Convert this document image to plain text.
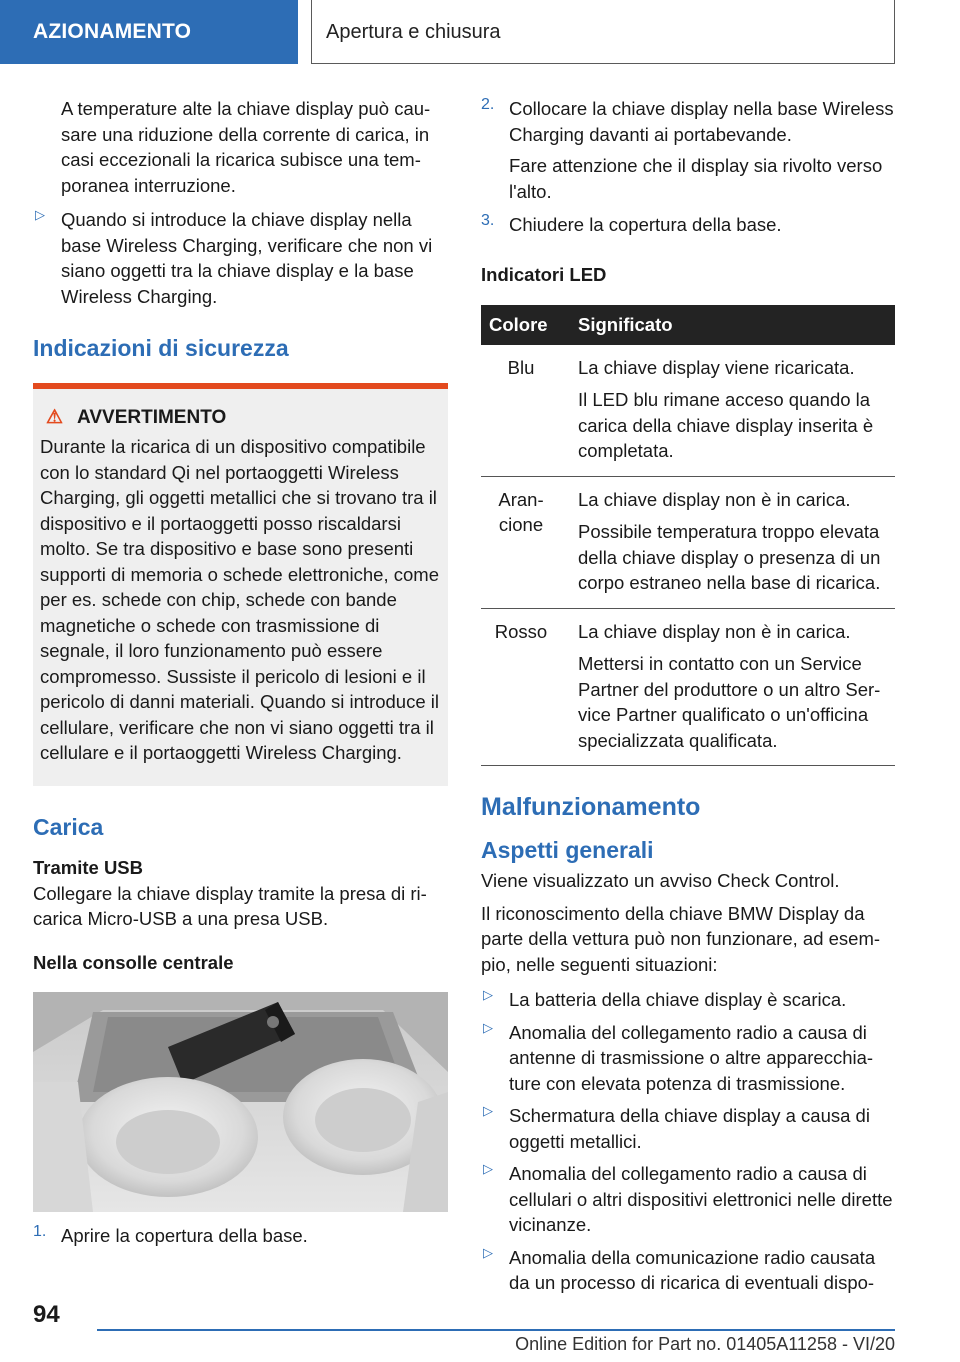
AZIONAMENTO	Apertura e chiusura

A temperature alte la chiave display può causare una riduzione della corrente di carica, in casi eccezionali la ricarica subisce una temporanea interruzione.

▷ Quando si introduce la chiave display nella base Wireless Charging, verificare che non vi siano oggetti tra la chiave display e la base Wireless Charging.

Indicazioni di sicurezza
⚠ AVVERTIMENTO

Durante la ricarica di un dispositivo compatibile con lo standard Qi nel portaoggetti Wireless Charging, gli oggetti metallici che si trovano tra il dispositivo e il portaoggetti posso riscaldarsi molto. Se tra dispositivo e base sono presenti supporti di memoria o schede elettroniche, come per es. schede con chip, schede con bande magnetiche o schede con trasmissione di segnale, il loro funzionamento può essere compromesso. Sussiste il pericolo di lesioni e il pericolo di danni materiali. Quando si introduce il cellulare, verificare che non vi siano oggetti tra il cellulare e il portaoggetti Wireless Charging.

Carica
Tramite USB

Collegare la chiave display tramite la presa di ricarica Micro-USB a una presa USB.

Nella consolle centrale
1. Aprire la copertura della base.

2. Collocare la chiave display nella base Wireless Charging davanti ai portabevande.

Fare attenzione che il display sia rivolto verso l'alto.

3. Chiudere la copertura della base.

Indicatori LED
Colore	Significato
Blu	La chiave display viene ricaricata.

Il LED blu rimane acceso quando la carica della chiave display inserita è completata.

Arancione	La chiave display non è in carica.

Possibile temperatura troppo elevata della chiave display o presenza di un corpo estraneo nella base di ricarica.

Rosso	La chiave display non è in carica.

Mettersi in contatto con un Service Partner del produttore o un altro Service Partner qualificato o un'officina specializzata qualificata.

Malfunzionamento
Aspetti generali

Viene visualizzato un avviso Check Control.

Il riconoscimento della chiave BMW Display da parte della vettura può non funzionare, ad esempio, nelle seguenti situazioni:

▷ La batteria della chiave display è scarica.

▷ Anomalia del collegamento radio a causa di antenne di trasmissione o altre apparecchiature con elevata potenza di trasmissione.

▷ Schermatura della chiave display a causa di oggetti metallici.

▷ Anomalia del collegamento radio a causa di cellulari o altri dispositivi elettronici nelle dirette vicinanze.

▷ Anomalia della comunicazione radio causata da un processo di ricarica di eventuali dispo-

94
Online Edition for Part no. 01405A11258 - VI/20
